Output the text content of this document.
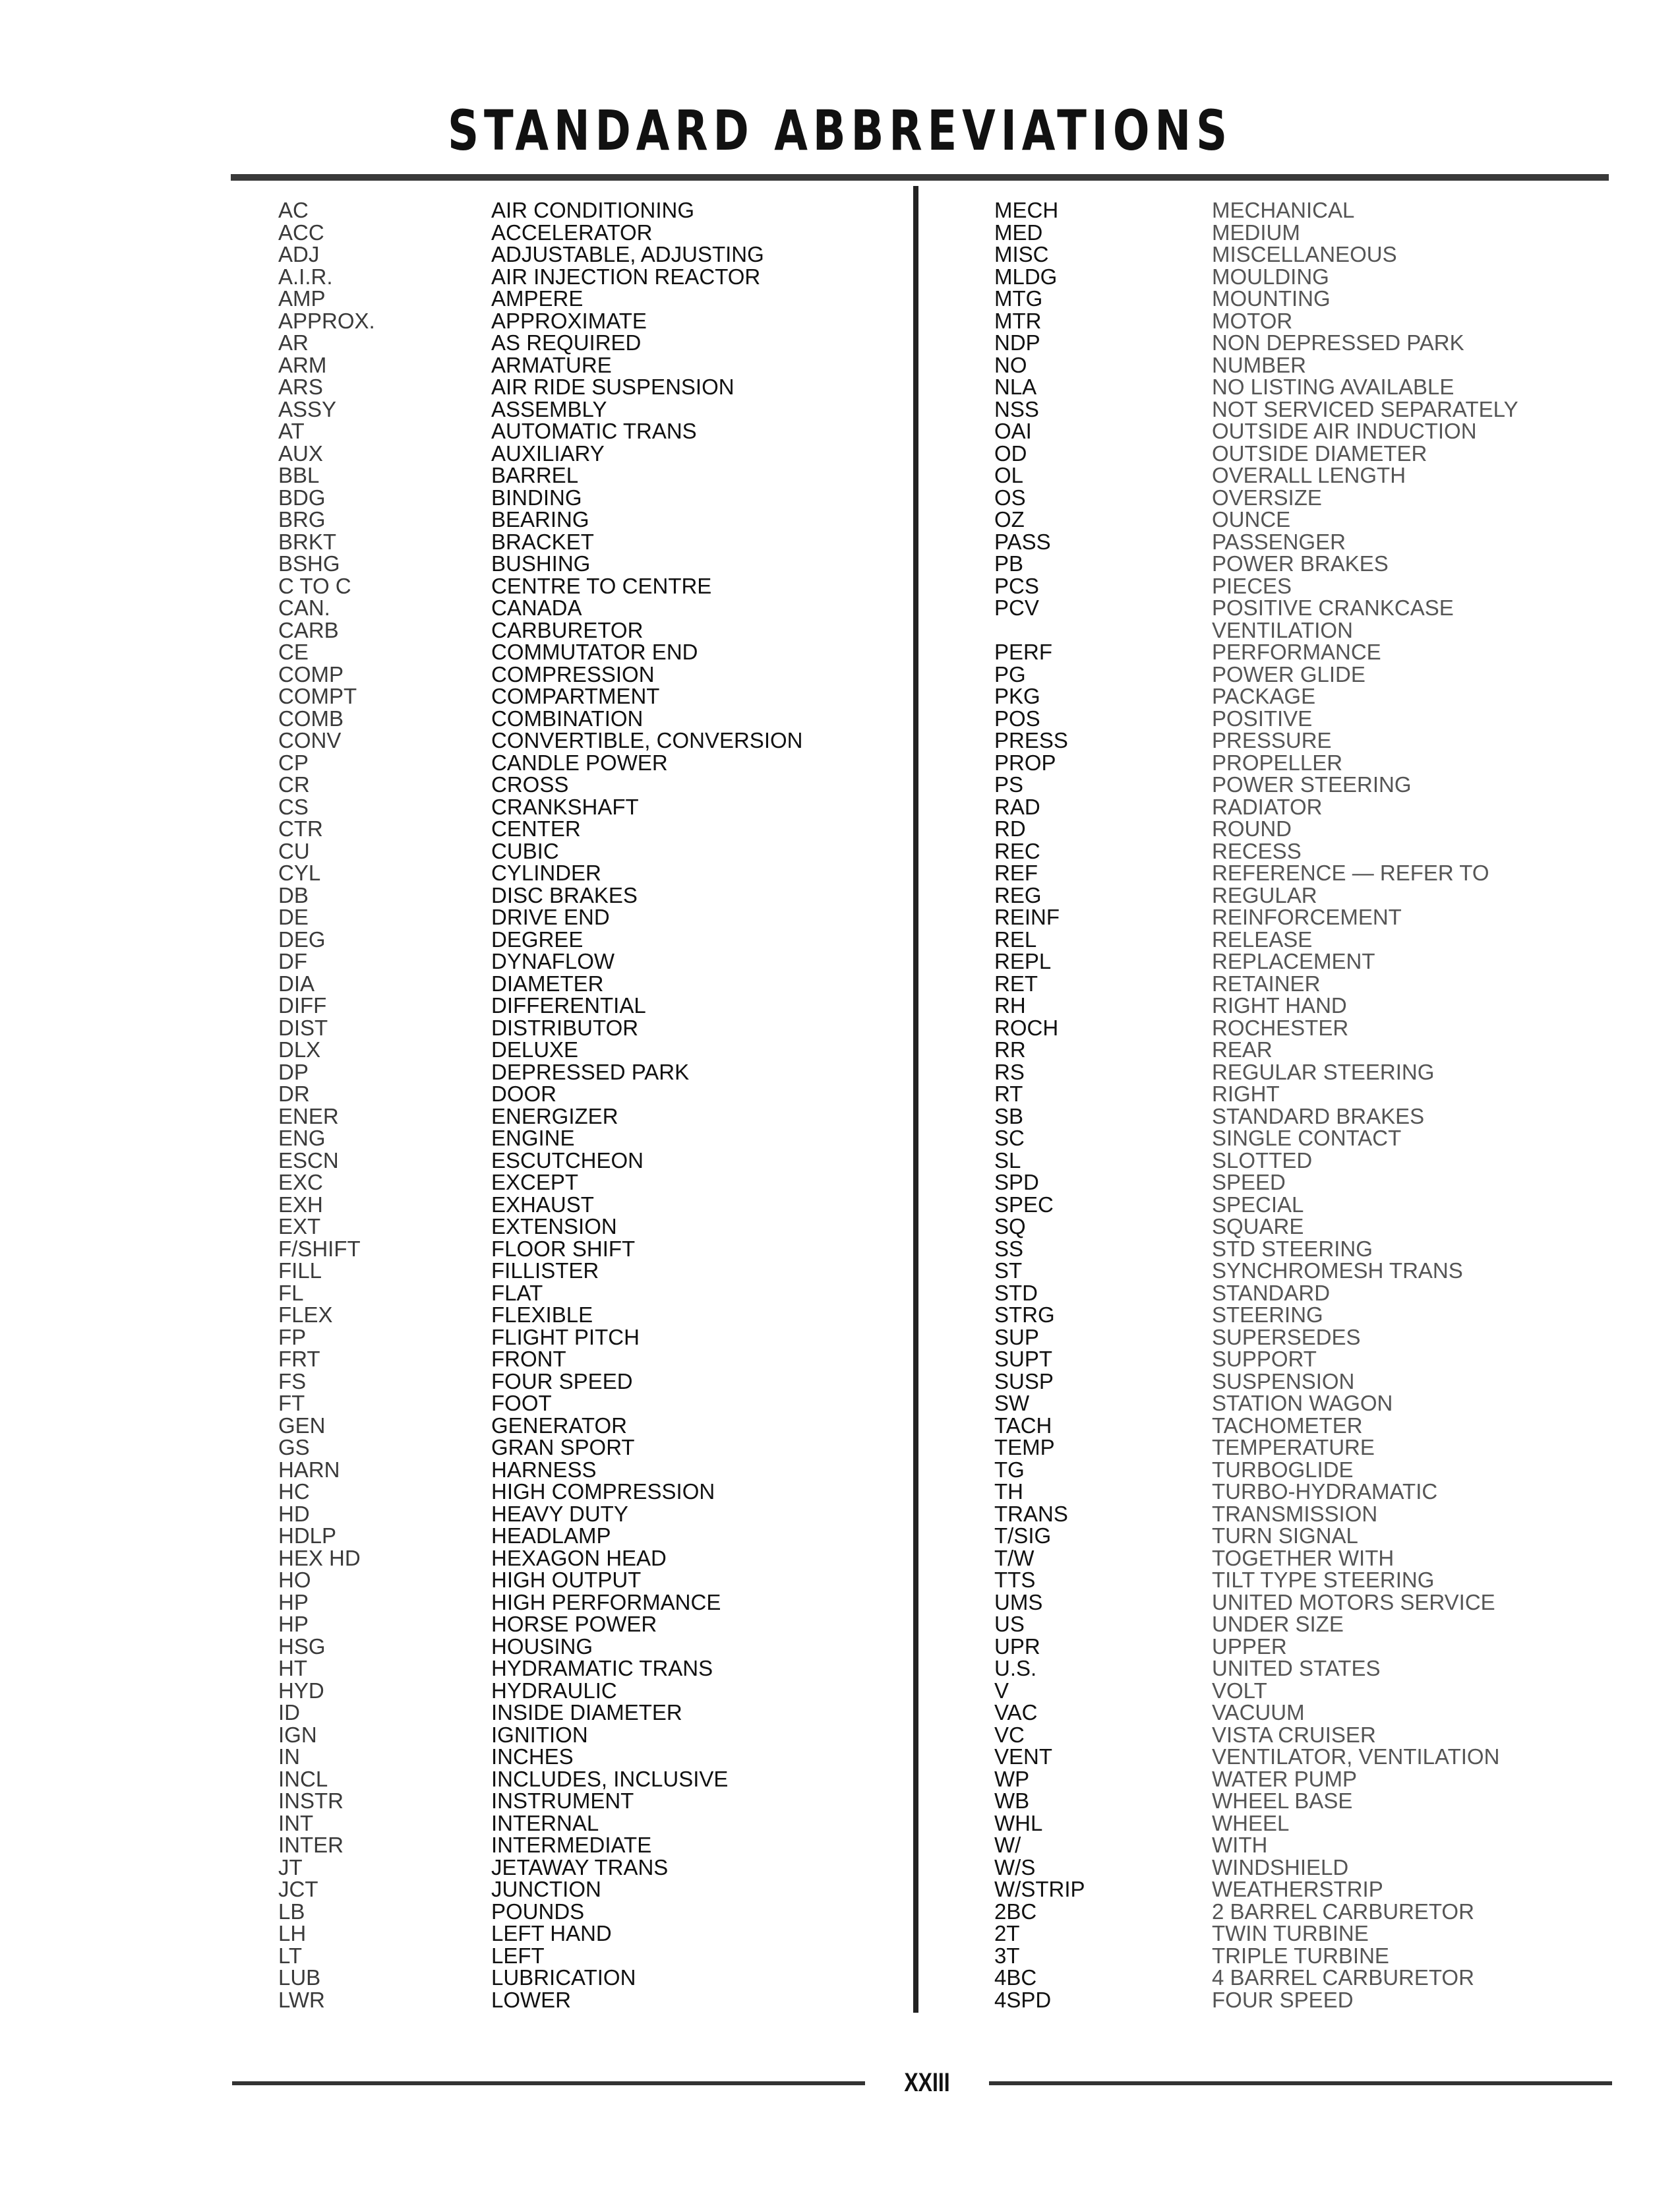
STANDARD ABBREVIATIONS
AC	AIR CONDITIONING
ACC	ACCELERATOR
ADJ	ADJUSTABLE, ADJUSTING
A.I.R.	AIR INJECTION REACTOR
AMP	AMPERE
APPROX.	APPROXIMATE
AR	AS REQUIRED
ARM	ARMATURE
ARS	AIR RIDE SUSPENSION
ASSY	ASSEMBLY
AT	AUTOMATIC TRANS
AUX	AUXILIARY
BBL	BARREL
BDG	BINDING
BRG	BEARING
BRKT	BRACKET
BSHG	BUSHING
C TO C	CENTRE TO CENTRE
CAN.	CANADA
CARB	CARBURETOR
CE	COMMUTATOR END
COMP	COMPRESSION
COMPT	COMPARTMENT
COMB	COMBINATION
CONV	CONVERTIBLE, CONVERSION
CP	CANDLE POWER
CR	CROSS
CS	CRANKSHAFT
CTR	CENTER
CU	CUBIC
CYL	CYLINDER
DB	DISC BRAKES
DE	DRIVE END
DEG	DEGREE
DF	DYNAFLOW
DIA	DIAMETER
DIFF	DIFFERENTIAL
DIST	DISTRIBUTOR
DLX	DELUXE
DP	DEPRESSED PARK
DR	DOOR
ENER	ENERGIZER
ENG	ENGINE
ESCN	ESCUTCHEON
EXC	EXCEPT
EXH	EXHAUST
EXT	EXTENSION
F/SHIFT	FLOOR SHIFT
FILL	FILLISTER
FL	FLAT
FLEX	FLEXIBLE
FP	FLIGHT PITCH
FRT	FRONT
FS	FOUR SPEED
FT	FOOT
GEN	GENERATOR
GS	GRAN SPORT
HARN	HARNESS
HC	HIGH COMPRESSION
HD	HEAVY DUTY
HDLP	HEADLAMP
HEX HD	HEXAGON HEAD
HO	HIGH OUTPUT
HP	HIGH PERFORMANCE
HP	HORSE POWER
HSG	HOUSING
HT	HYDRAMATIC TRANS
HYD	HYDRAULIC
ID	INSIDE DIAMETER
IGN	IGNITION
IN	INCHES
INCL	INCLUDES, INCLUSIVE
INSTR	INSTRUMENT
INT	INTERNAL
INTER	INTERMEDIATE
JT	JETAWAY TRANS
JCT	JUNCTION
LB	POUNDS
LH	LEFT HAND
LT	LEFT
LUB	LUBRICATION
LWR	LOWER
MECH	MECHANICAL
MED	MEDIUM
MISC	MISCELLANEOUS
MLDG	MOULDING
MTG	MOUNTING
MTR	MOTOR
NDP	NON DEPRESSED PARK
NO	NUMBER
NLA	NO LISTING AVAILABLE
NSS	NOT SERVICED SEPARATELY
OAI	OUTSIDE AIR INDUCTION
OD	OUTSIDE DIAMETER
OL	OVERALL LENGTH
OS	OVERSIZE
OZ	OUNCE
PASS	PASSENGER
PB	POWER BRAKES
PCS	PIECES
PCV	POSITIVE CRANKCASE
VENTILATION
PERF	PERFORMANCE
PG	POWER GLIDE
PKG	PACKAGE
POS	POSITIVE
PRESS	PRESSURE
PROP	PROPELLER
PS	POWER STEERING
RAD	RADIATOR
RD	ROUND
REC	RECESS
REF	REFERENCE — REFER TO
REG	REGULAR
REINF	REINFORCEMENT
REL	RELEASE
REPL	REPLACEMENT
RET	RETAINER
RH	RIGHT HAND
ROCH	ROCHESTER
RR	REAR
RS	REGULAR STEERING
RT	RIGHT
SB	STANDARD BRAKES
SC	SINGLE CONTACT
SL	SLOTTED
SPD	SPEED
SPEC	SPECIAL
SQ	SQUARE
SS	STD STEERING
ST	SYNCHROMESH TRANS
STD	STANDARD
STRG	STEERING
SUP	SUPERSEDES
SUPT	SUPPORT
SUSP	SUSPENSION
SW	STATION WAGON
TACH	TACHOMETER
TEMP	TEMPERATURE
TG	TURBOGLIDE
TH	TURBO-HYDRAMATIC
TRANS	TRANSMISSION
T/SIG	TURN SIGNAL
T/W	TOGETHER WITH
TTS	TILT TYPE STEERING
UMS	UNITED MOTORS SERVICE
US	UNDER SIZE
UPR	UPPER
U.S.	UNITED STATES
V	VOLT
VAC	VACUUM
VC	VISTA CRUISER
VENT	VENTILATOR, VENTILATION
WP	WATER PUMP
WB	WHEEL BASE
WHL	WHEEL
W/	WITH
W/S	WINDSHIELD
W/STRIP	WEATHERSTRIP
2BC	2 BARREL CARBURETOR
2T	TWIN TURBINE
3T	TRIPLE TURBINE
4BC	4 BARREL CARBURETOR
4SPD	FOUR SPEED
XXIII
